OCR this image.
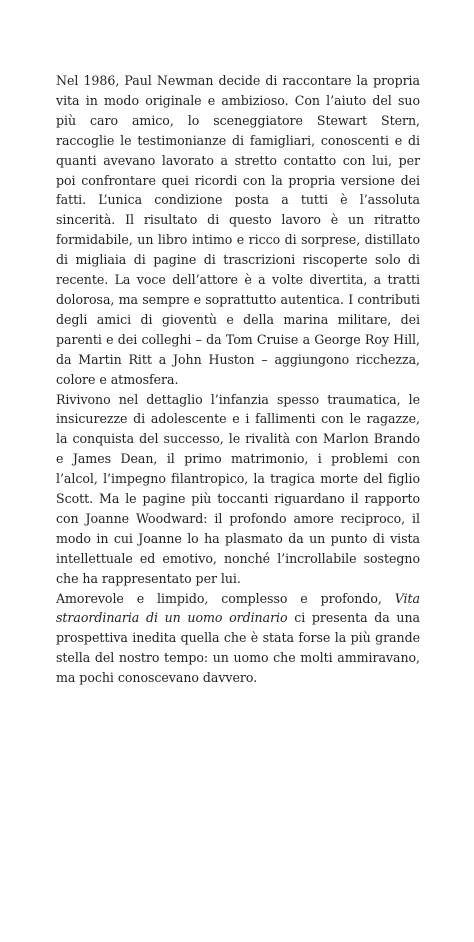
Nel 1986, Paul Newman decide di raccontare la propria vita in modo originale e ambizioso. Con l’aiuto del suo più caro amico, lo sceneggiatore Stewart Stern, raccoglie le testimonianze di famigliari, conoscenti e di quanti avevano lavorato a stretto contatto con lui, per poi confrontare quei ricordi con la propria versione dei fatti. L’unica condizione posta a tutti è l’assoluta sincerità. Il risultato di questo lavoro è un ritratto formidabile, un libro intimo e ricco di sorprese, distillato di migliaia di pagine di trascrizioni riscoperte solo di recente. La voce dell’attore è a volte divertita, a tratti dolorosa, ma sempre e soprattutto autentica. I contributi degli amici di gioventù e della marina militare, dei parenti e dei colleghi – da Tom Cruise a George Roy Hill, da Martin Ritt a John Huston – aggiungono ricchezza, colore e atmosfera.

Rivivono nel dettaglio l’infanzia spesso traumatica, le insicurezze di adolescente e i fallimenti con le ragazze, la conquista del successo, le rivalità con Marlon Brando e James Dean, il primo matrimonio, i problemi con l’alcol, l’impegno filantropico, la tragica morte del figlio Scott. Ma le pagine più toccanti riguardano il rapporto con Joanne Woodward: il profondo amore reciproco, il modo in cui Joanne lo ha plasmato da un punto di vista intellettuale ed emotivo, nonché l’incrollabile sostegno che ha rappresentato per lui.

Amorevole e limpido, complesso e profondo, Vita straordinaria di un uomo ordinario ci presenta da una prospettiva inedita quella che è stata forse la più grande stella del nostro tempo: un uomo che molti ammiravano, ma pochi conoscevano davvero.
